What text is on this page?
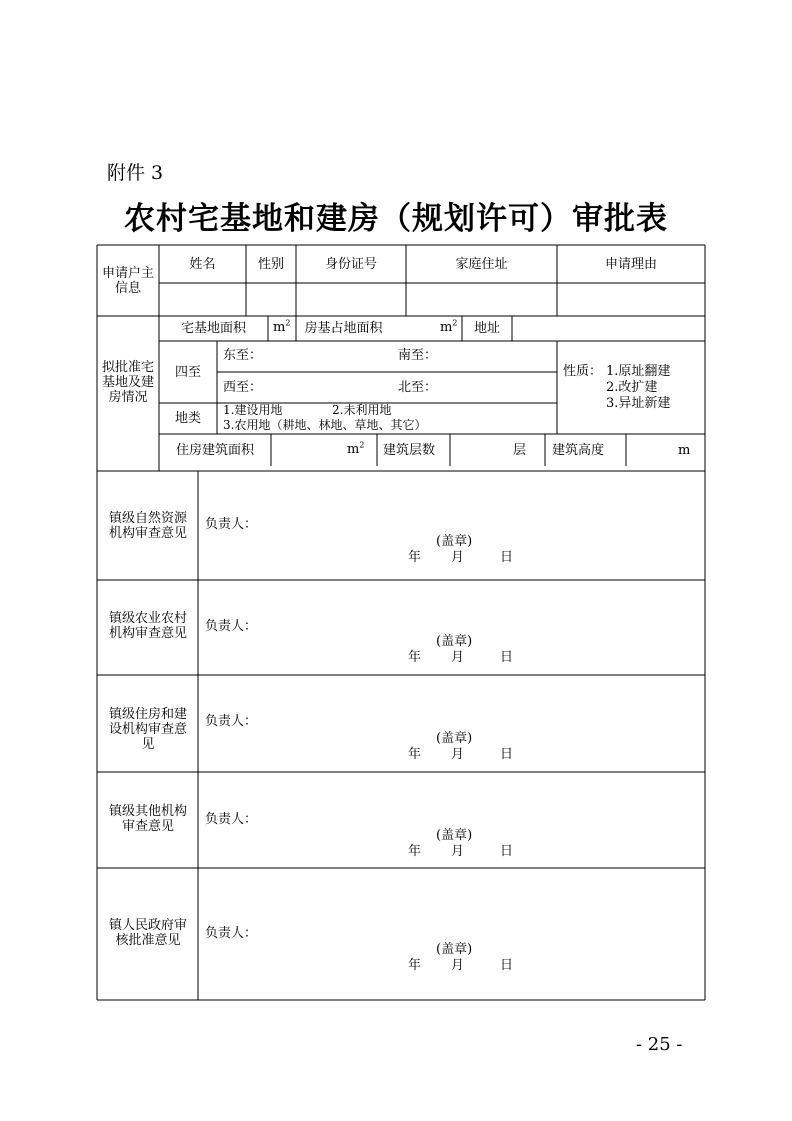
附件 3
农村宅基地和建房（规划许可）审批表
申请户主信息
姓名	性别	身份证号	家庭住址	申请理由
拟批准宅基地及建房情况
宅基地面积	$m^2$	房基占地面积	$m^2$	地址
四至
东至：	南至：
西至：	北至：
性质： 1.原址翻建
2.改扩建
3.异址新建
地类
1.建设用地	2.未利用地
3.农用地（耕地、林地、草地、其它）
住房建筑面积	$m^2$	建筑层数	层	建筑高度	m
镇级自然资源机构审查意见
负责人：
(盖章)
年 月	日
镇级农业农村机构审查意见	负责人：
(盖章)
年 月	日
镇级住房和建设机构审查意见
负责人：
(盖章)
年 月	日
镇级其他机构审查意见	负责人：
(盖章)
年 月	日
镇人民政府审核批准意见	负责人：
(盖章)
年 月	日
- 25 -
